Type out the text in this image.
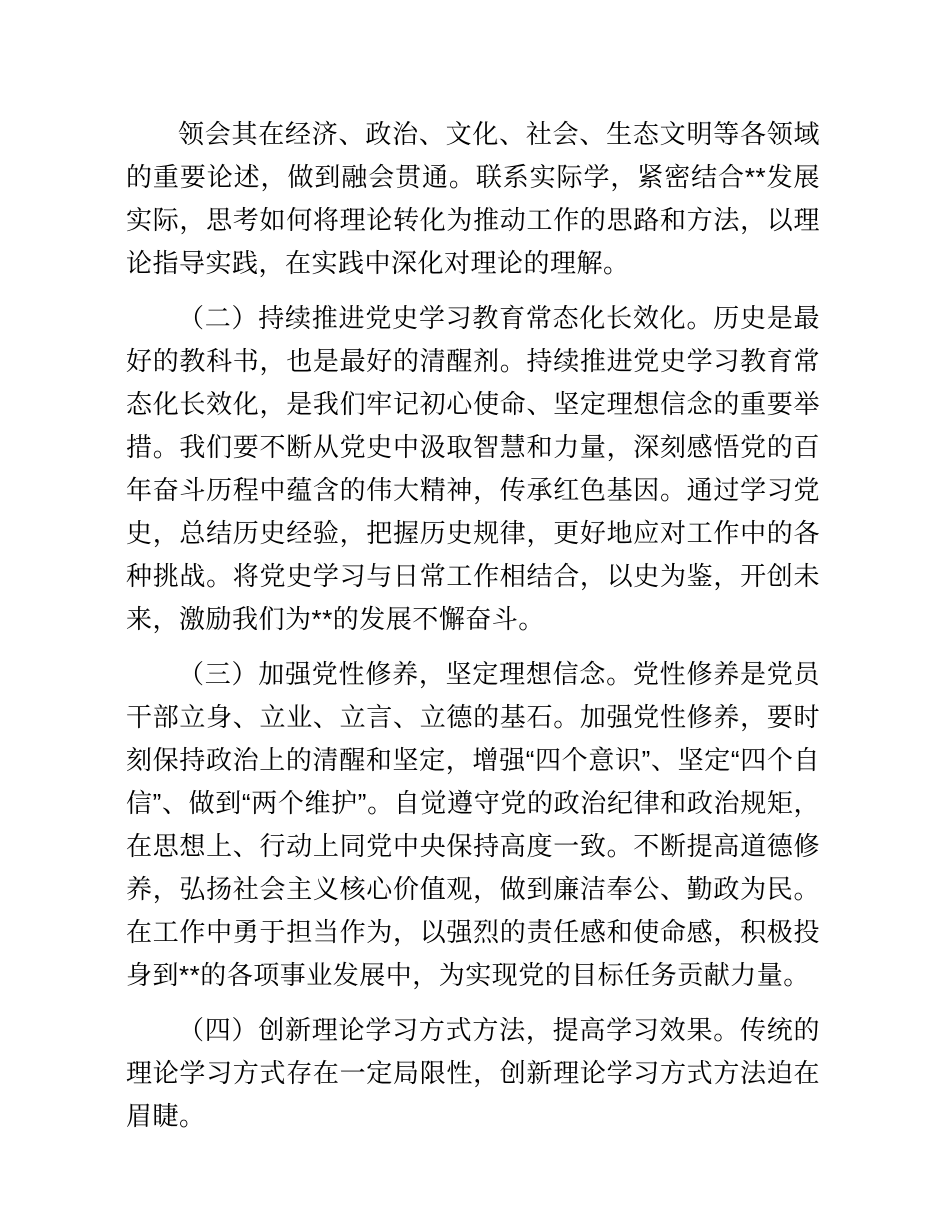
领会其在经济、政治、文化、社会、生态文明等各领域的重要论述，做到融会贯通。联系实际学，紧密结合**发展实际，思考如何将理论转化为推动工作的思路和方法，以理论指导实践，在实践中深化对理论的理解。

（二）持续推进党史学习教育常态化长效化。历史是最好的教科书，也是最好的清醒剂。持续推进党史学习教育常态化长效化，是我们牢记初心使命、坚定理想信念的重要举措。我们要不断从党史中汲取智慧和力量，深刻感悟党的百年奋斗历程中蕴含的伟大精神，传承红色基因。通过学习党史，总结历史经验，把握历史规律，更好地应对工作中的各种挑战。将党史学习与日常工作相结合，以史为鉴，开创未来，激励我们为**的发展不懈奋斗。

（三）加强党性修养，坚定理想信念。党性修养是党员干部立身、立业、立言、立德的基石。加强党性修养，要时刻保持政治上的清醒和坚定，增强“四个意识”、坚定“四个自信”、做到“两个维护”。自觉遵守党的政治纪律和政治规矩，在思想上、行动上同党中央保持高度一致。不断提高道德修养，弘扬社会主义核心价值观，做到廉洁奉公、勤政为民。在工作中勇于担当作为，以强烈的责任感和使命感，积极投身到**的各项事业发展中，为实现党的目标任务贡献力量。

（四）创新理论学习方式方法，提高学习效果。传统的理论学习方式存在一定局限性，创新理论学习方式方法迫在眉睫。
